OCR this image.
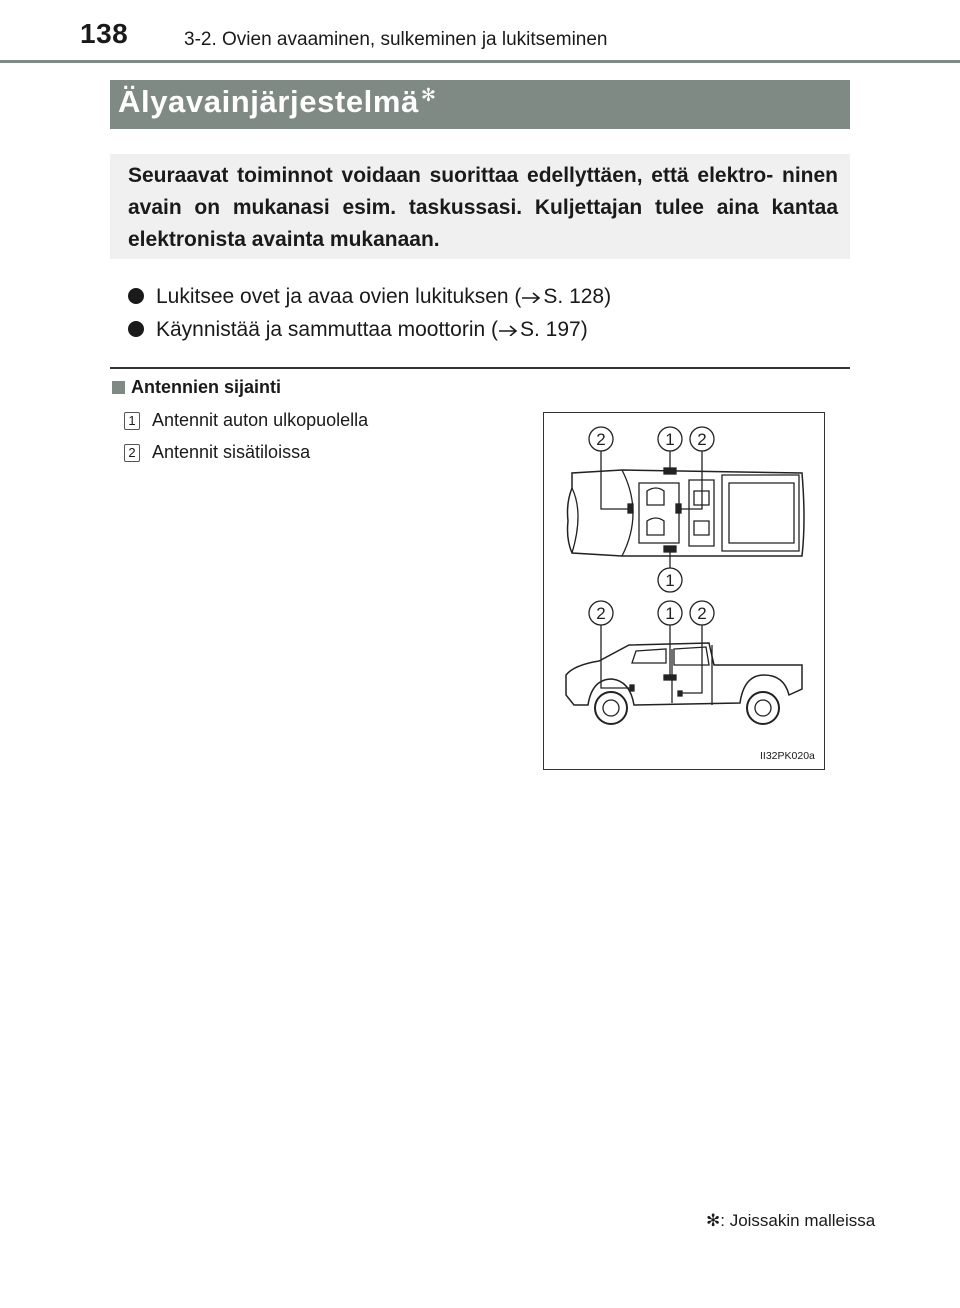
138	3-2. Ovien avaaminen, sulkeminen ja lukitseminen
Älyavainjärjestelmä ✻
Seuraavat toiminnot voidaan suorittaa edellyttäen, että elektro- ninen avain on mukanasi esim. taskussasi. Kuljettajan tulee aina kantaa elektronista avainta mukanaan.
Lukitsee ovet ja avaa ovien lukituksen ( S. 128)
Käynnistää ja sammuttaa moottorin ( S. 197)
Antennien sijainti
1 Antennit auton ulkopuolella
2 Antennit sisätiloissa
2	1 2
1
2	1 2
II32PK020a
✻: Joissakin malleissa
